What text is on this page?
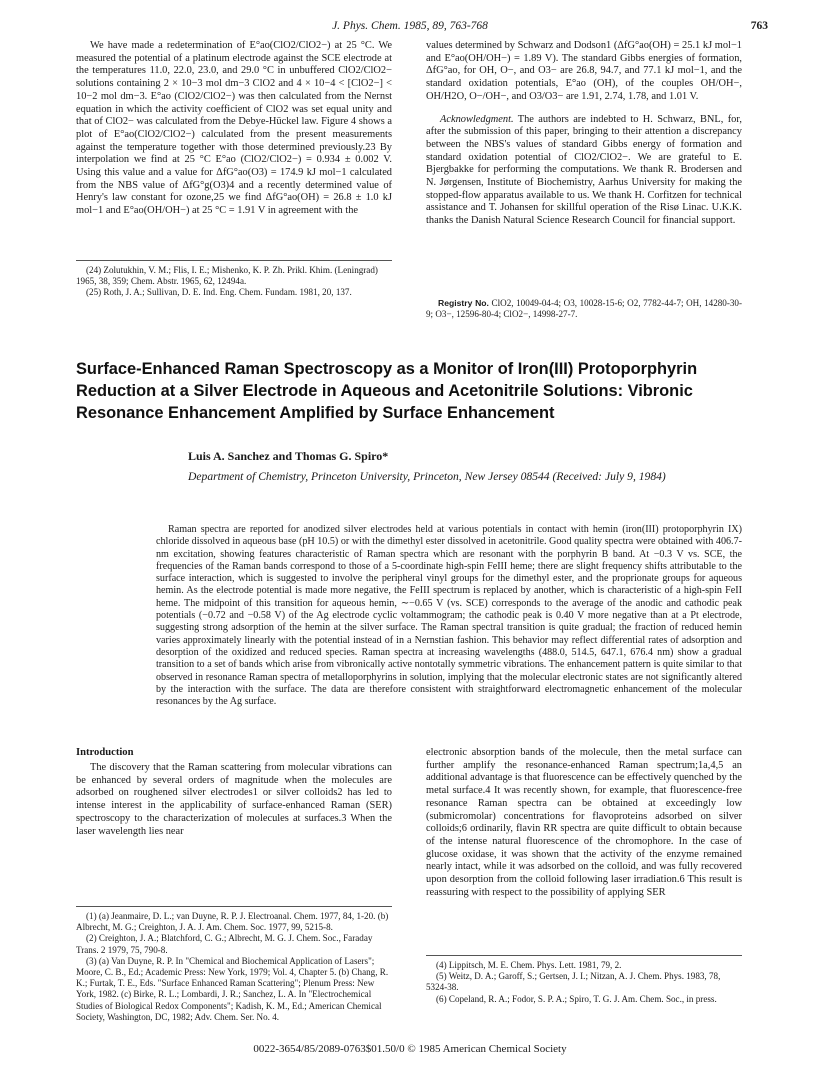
J. Phys. Chem. 1985, 89, 763-768	763

We have made a redetermination of E°ao(ClO2/ClO2−) at 25 °C. We measured the potential of a platinum electrode against the SCE electrode at the temperatures 11.0, 22.0, 23.0, and 29.0 °C in unbuffered ClO2/ClO2− solutions containing 2 × 10−3 mol dm−3 ClO2 and 4 × 10−4 < [ClO2−] < 10−2 mol dm−3. E°ao (ClO2/ClO2−) was then calculated from the Nernst equation in which the activity coefficient of ClO2 was set equal unity and that of ClO2− was calculated from the Debye-Hückel law. Figure 4 shows a plot of E°ao(ClO2/ClO2−) calculated from the present measurements against the temperature together with those determined previously.23 By interpolation we find at 25 °C E°ao (ClO2/ClO2−) = 0.934 ± 0.002 V. Using this value and a value for ΔfG°ao(O3) = 174.9 kJ mol−1 calculated from the NBS value of ΔfG°g(O3)4 and a recently determined value of Henry's law constant for ozone,25 we find ΔfG°ao(OH) = 26.8 ± 1.0 kJ mol−1 and E°ao(OH/OH−) at 25 °C = 1.91 V in agreement with the

(24) Zolutukhin, V. M.; Flis, I. E.; Mishenko, K. P. Zh. Prikl. Khim. (Leningrad) 1965, 38, 359; Chem. Abstr. 1965, 62, 12494a.
(25) Roth, J. A.; Sullivan, D. E. Ind. Eng. Chem. Fundam. 1981, 20, 137.

values determined by Schwarz and Dodson1 (ΔfG°ao(OH) = 25.1 kJ mol−1 and E°ao(OH/OH−) = 1.89 V). The standard Gibbs energies of formation, ΔfG°ao, for OH, O−, and O3− are 26.8, 94.7, and 77.1 kJ mol−1, and the standard oxidation potentials, E°ao (OH), of the couples OH/OH−, OH/H2O, O−/OH−, and O3/O3− are 1.91, 2.74, 1.78, and 1.01 V.

Acknowledgment. The authors are indebted to H. Schwarz, BNL, for, after the submission of this paper, bringing to their attention a discrepancy between the NBS's values of standard Gibbs energy of formation and standard oxidation potential of ClO2/ClO2−. We are grateful to E. Bjergbakke for performing the computations. We thank R. Brodersen and N. Jørgensen, Institute of Biochemistry, Aarhus University for making the stopped-flow apparatus available to us. We thank H. Corfitzen for technical assistance and T. Johansen for skillful operation of the Risø Linac. U.K.K. thanks the Danish Natural Science Research Council for financial support.

Registry No. ClO2, 10049-04-4; O3, 10028-15-6; O2, 7782-44-7; OH, 14280-30-9; O3−, 12596-80-4; ClO2−, 14998-27-7.
Surface-Enhanced Raman Spectroscopy as a Monitor of Iron(III) Protoporphyrin Reduction at a Silver Electrode in Aqueous and Acetonitrile Solutions: Vibronic Resonance Enhancement Amplified by Surface Enhancement
Luis A. Sanchez and Thomas G. Spiro*
Department of Chemistry, Princeton University, Princeton, New Jersey 08544 (Received: July 9, 1984)
Raman spectra are reported for anodized silver electrodes held at various potentials in contact with hemin (iron(III) protoporphyrin IX) chloride dissolved in aqueous base (pH 10.5) or with the dimethyl ester dissolved in acetonitrile. Good quality spectra were obtained with 406.7-nm excitation, showing features characteristic of Raman spectra which are resonant with the porphyrin B band. At −0.3 V vs. SCE, the frequencies of the Raman bands correspond to those of a 5-coordinate high-spin FeIII heme; there are slight frequency shifts attributable to the surface interaction, which is suggested to involve the peripheral vinyl groups for the dimethyl ester, and the proprionate groups for aqueous hemin. As the electrode potential is made more negative, the FeIII spectrum is replaced by another, which is characteristic of a high-spin FeII heme. The midpoint of this transition for aqueous hemin, ∼−0.65 V (vs. SCE) corresponds to the average of the anodic and cathodic peak potentials (−0.72 and −0.58 V) of the Ag electrode cyclic voltammogram; the cathodic peak is 0.40 V more negative than at a Pt electrode, suggesting strong adsorption of the hemin at the silver surface. The Raman spectral transition is quite gradual; the fraction of reduced hemin varies approximately linearly with the potential instead of in a Nernstian fashion. This behavior may reflect differential rates of adsorption and desorption of the oxidized and reduced species. Raman spectra at increasing wavelengths (488.0, 514.5, 647.1, 676.4 nm) show a gradual transition to a set of bands which arise from vibronically active nontotally symmetric vibrations. The enhancement pattern is quite similar to that observed in resonance Raman spectra of metalloporphyrins in solution, implying that the molecular electronic states are not significantly altered by the interaction with the surface. The data are therefore consistent with straightforward electromagnetic enhancement of the molecular resonances by the Ag surface.
Introduction

The discovery that the Raman scattering from molecular vibrations can be enhanced by several orders of magnitude when the molecules are adsorbed on roughened silver electrodes1 or silver colloids2 has led to intense interest in the applicability of surface-enhanced Raman (SER) spectroscopy to the characterization of molecules at surfaces.3 When the laser wavelength lies near

(1) (a) Jeanmaire, D. L.; van Duyne, R. P. J. Electroanal. Chem. 1977, 84, 1-20. (b) Albrecht, M. G.; Creighton, J. A. J. Am. Chem. Soc. 1977, 99, 5215-8.
(2) Creighton, J. A.; Blatchford, C. G.; Albrecht, M. G. J. Chem. Soc., Faraday Trans. 2 1979, 75, 790-8.
(3) (a) Van Duyne, R. P. In "Chemical and Biochemical Application of Lasers"; Moore, C. B., Ed.; Academic Press: New York, 1979; Vol. 4, Chapter 5. (b) Chang, R. K.; Furtak, T. E., Eds. "Surface Enhanced Raman Scattering"; Plenum Press: New York, 1982. (c) Birke, R. L.; Lombardi, J. R.; Sanchez, L. A. In "Electrochemical Studies of Biological Redox Components"; Kadish, K. M., Ed.; American Chemical Society, Washington, DC, 1982; Adv. Chem. Ser. No. 4.

electronic absorption bands of the molecule, then the metal surface can further amplify the resonance-enhanced Raman spectrum;1a,4,5 an additional advantage is that fluorescence can be effectively quenched by the metal surface.4 It was recently shown, for example, that fluorescence-free resonance Raman spectra can be obtained at exceedingly low (submicromolar) concentrations for flavoproteins adsorbed on silver colloids;6 ordinarily, flavin RR spectra are quite difficult to obtain because of the intense natural fluorescence of the chromophore. In the case of glucose oxidase, it was shown that the activity of the enzyme remained nearly intact, while it was adsorbed on the colloid, and was fully recovered upon desorption from the colloid following laser irradiation.6 This result is reassuring with respect to the possibility of applying SER

(4) Lippitsch, M. E. Chem. Phys. Lett. 1981, 79, 2.
(5) Weitz, D. A.; Garoff, S.; Gertsen, J. I.; Nitzan, A. J. Chem. Phys. 1983, 78, 5324-38.
(6) Copeland, R. A.; Fodor, S. P. A.; Spiro, T. G. J. Am. Chem. Soc., in press.
0022-3654/85/2089-0763$01.50/0 © 1985 American Chemical Society
